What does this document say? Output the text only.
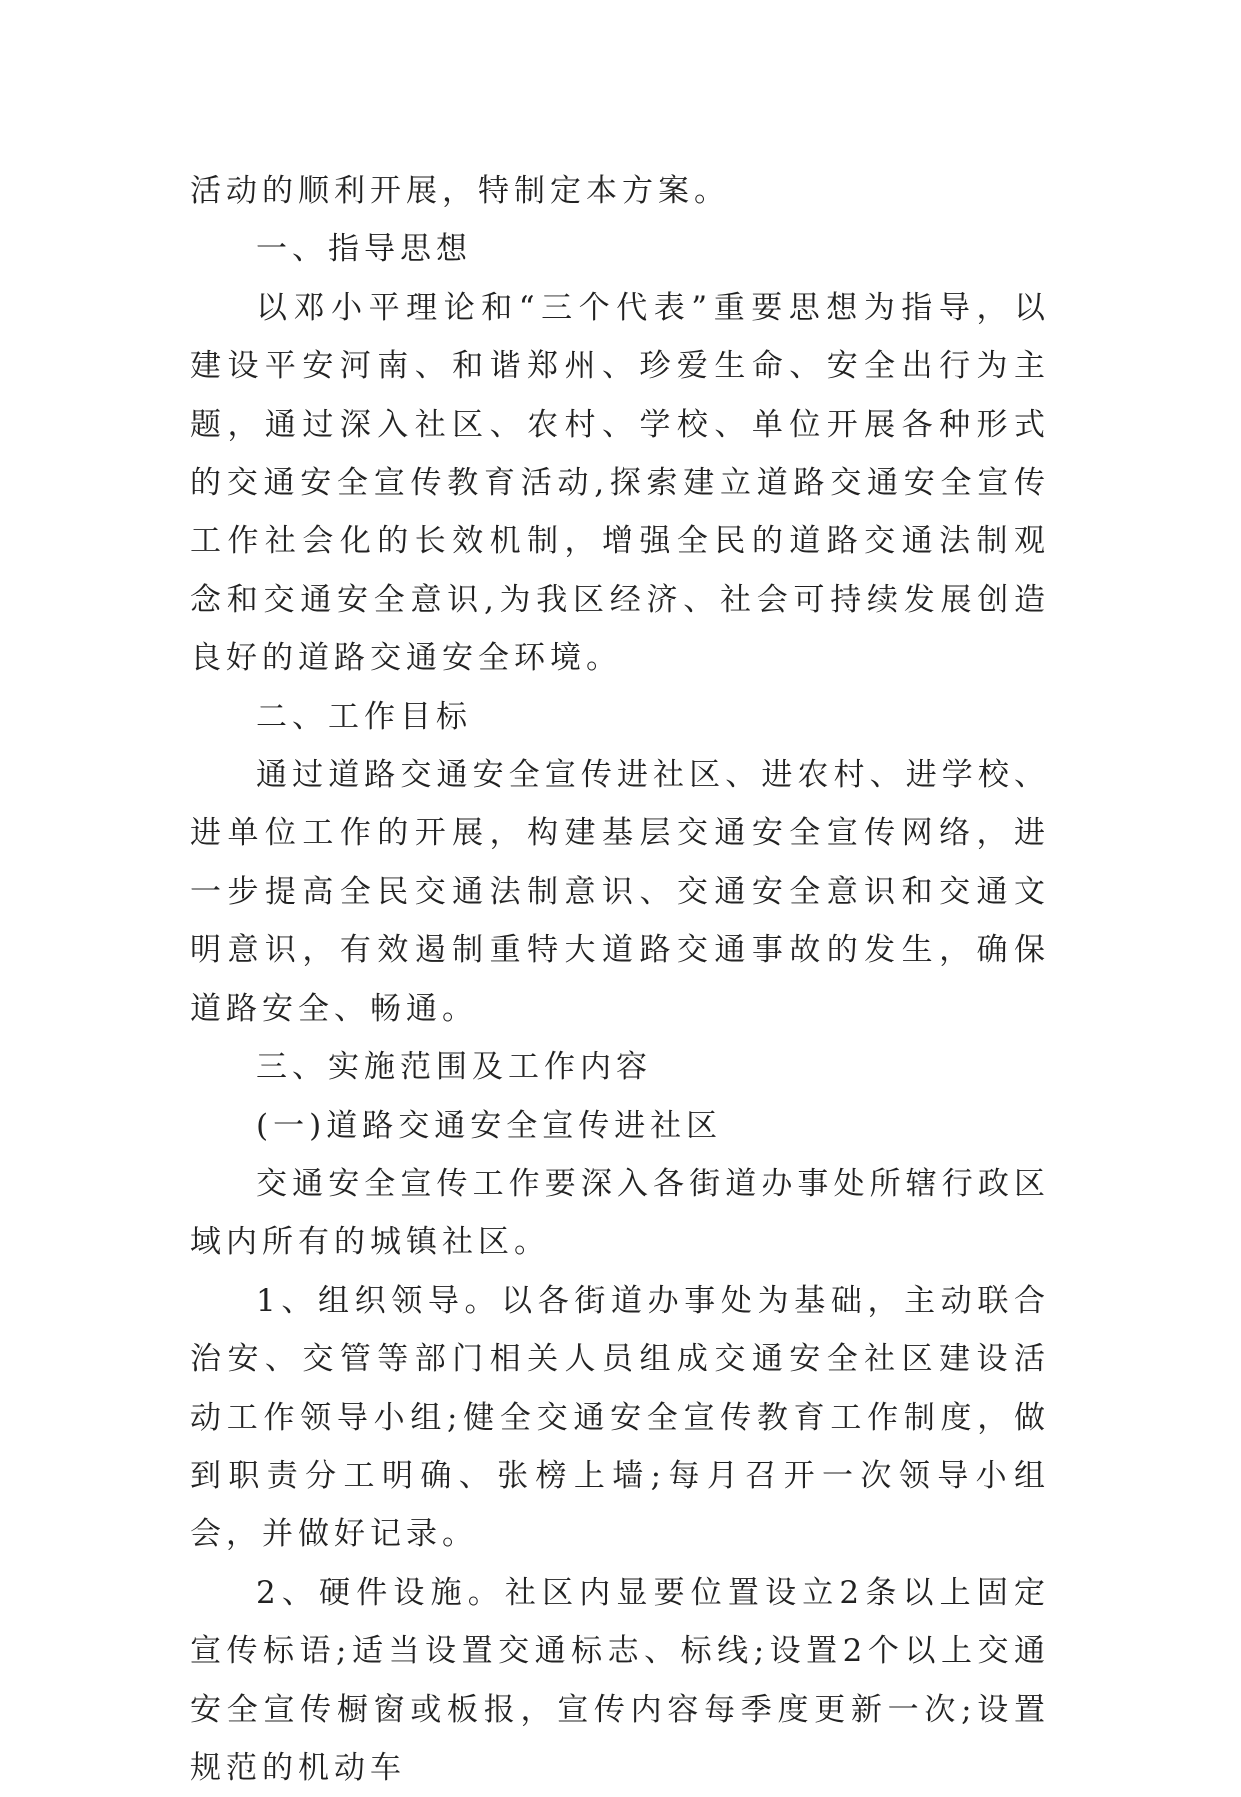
活动的顺利开展，特制定本方案。

一、指导思想

以邓小平理论和“三个代表”重要思想为指导，以建设平安河南、和谐郑州、珍爱生命、安全出行为主题，通过深入社区、农村、学校、单位开展各种形式的交通安全宣传教育活动,探索建立道路交通安全宣传工作社会化的长效机制，增强全民的道路交通法制观念和交通安全意识,为我区经济、社会可持续发展创造良好的道路交通安全环境。

二、工作目标

通过道路交通安全宣传进社区、进农村、进学校、进单位工作的开展，构建基层交通安全宣传网络，进一步提高全民交通法制意识、交通安全意识和交通文明意识，有效遏制重特大道路交通事故的发生，确保道路安全、畅通。

三、实施范围及工作内容

(一)道路交通安全宣传进社区

交通安全宣传工作要深入各街道办事处所辖行政区域内所有的城镇社区。

1、组织领导。以各街道办事处为基础，主动联合治安、交管等部门相关人员组成交通安全社区建设活动工作领导小组;健全交通安全宣传教育工作制度，做到职责分工明确、张榜上墙;每月召开一次领导小组会，并做好记录。

2、硬件设施。社区内显要位置设立2条以上固定宣传标语;适当设置交通标志、标线;设置2个以上交通安全宣传橱窗或板报，宣传内容每季度更新一次;设置规范的机动车
